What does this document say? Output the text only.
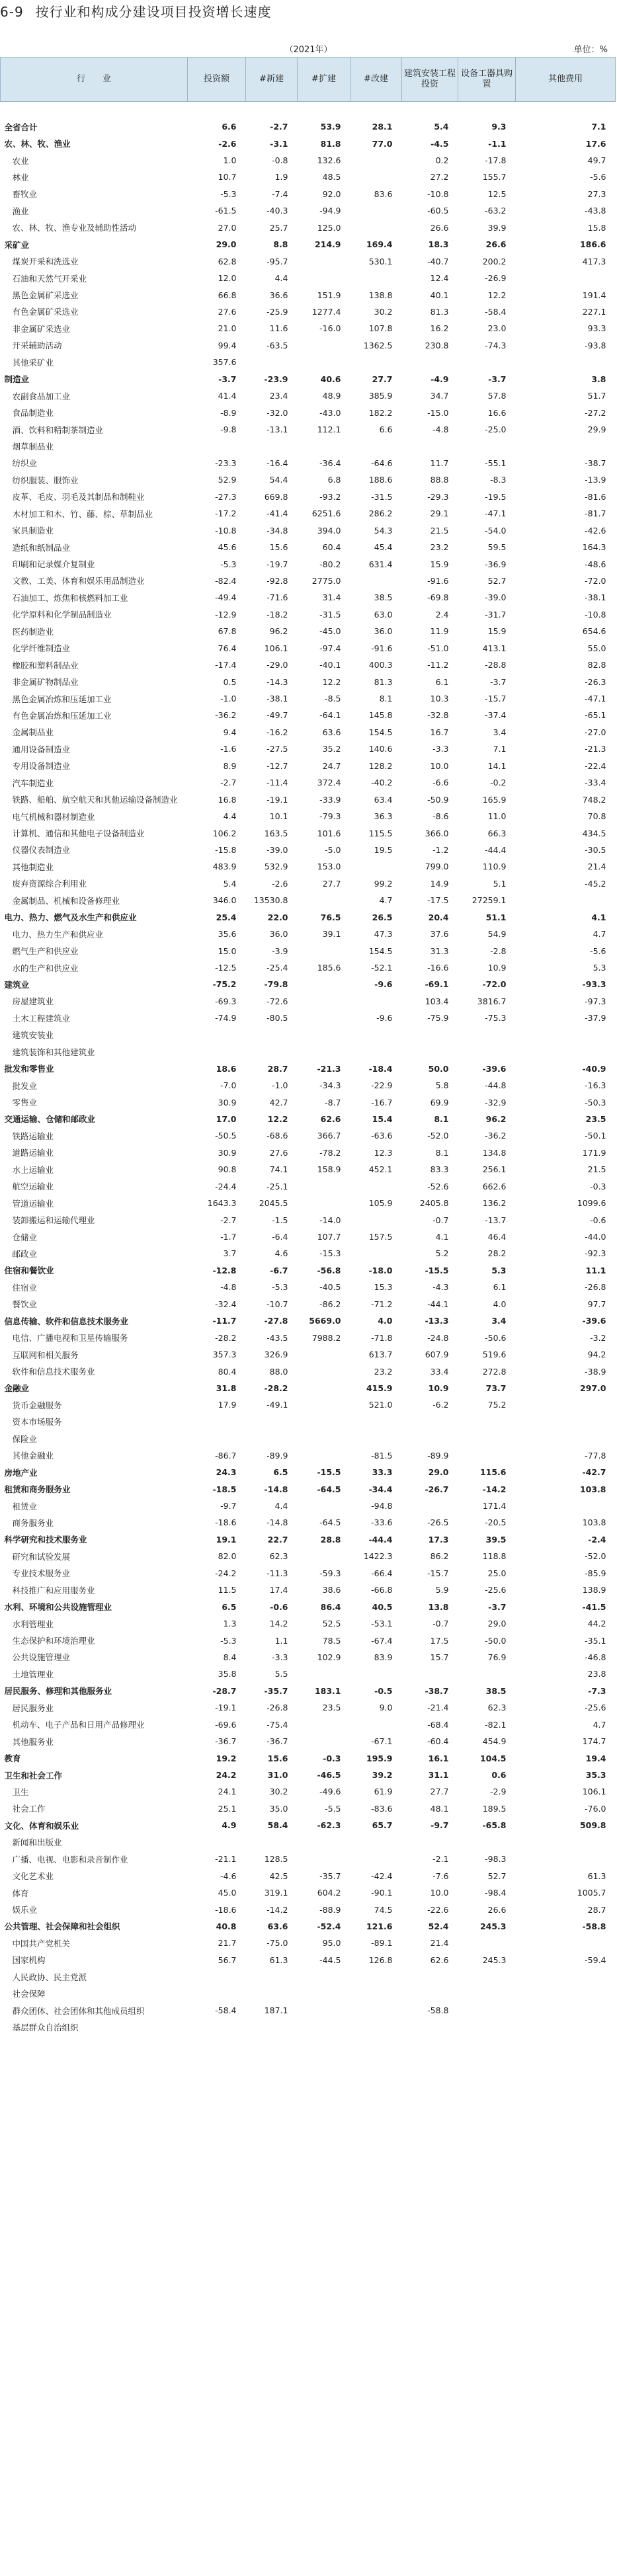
6-9 按行业和构成分建设项目投资增长速度
（2021年）	单位：%
行　　业	投资额	#新建	#扩建	#改建	建筑安装工程投资	设备工器具购置	其他费用

全省合计	6.6	-2.7	53.9	28.1	5.4	9.3	7.1
农、林、牧、渔业	-2.6	-3.1	81.8	77.0	-4.5	-1.1	17.6
农业	1.0	-0.8	132.6		0.2	-17.8	49.7
林业	10.7	1.9	48.5		27.2	155.7	-5.6
畜牧业	-5.3	-7.4	92.0	83.6	-10.8	12.5	27.3
渔业	-61.5	-40.3	-94.9		-60.5	-63.2	-43.8
农、林、牧、渔专业及辅助性活动	27.0	25.7	125.0		26.6	39.9	15.8
采矿业	29.0	8.8	214.9	169.4	18.3	26.6	186.6
煤炭开采和洗选业	62.8	-95.7		530.1	-40.7	200.2	417.3
石油和天然气开采业	12.0	4.4			12.4	-26.9	
黑色金属矿采选业	66.8	36.6	151.9	138.8	40.1	12.2	191.4
有色金属矿采选业	27.6	-25.9	1277.4	30.2	81.3	-58.4	227.1
非金属矿采选业	21.0	11.6	-16.0	107.8	16.2	23.0	93.3
开采辅助活动	99.4	-63.5		1362.5	230.8	-74.3	-93.8
其他采矿业	357.6						
制造业	-3.7	-23.9	40.6	27.7	-4.9	-3.7	3.8
农副食品加工业	41.4	23.4	48.9	385.9	34.7	57.8	51.7
食品制造业	-8.9	-32.0	-43.0	182.2	-15.0	16.6	-27.2
酒、饮料和精制茶制造业	-9.8	-13.1	112.1	6.6	-4.8	-25.0	29.9
烟草制品业							
纺织业	-23.3	-16.4	-36.4	-64.6	11.7	-55.1	-38.7
纺织服装、服饰业	52.9	54.4	6.8	188.6	88.8	-8.3	-13.9
皮革、毛皮、羽毛及其制品和制鞋业	-27.3	669.8	-93.2	-31.5	-29.3	-19.5	-81.6
木材加工和木、竹、藤、棕、草制品业	-17.2	-41.4	6251.6	286.2	29.1	-47.1	-81.7
家具制造业	-10.8	-34.8	394.0	54.3	21.5	-54.0	-42.6
造纸和纸制品业	45.6	15.6	60.4	45.4	23.2	59.5	164.3
印刷和记录媒介复制业	-5.3	-19.7	-80.2	631.4	15.9	-36.9	-48.6
文教、工美、体育和娱乐用品制造业	-82.4	-92.8	2775.0		-91.6	52.7	-72.0
石油加工、炼焦和核燃料加工业	-49.4	-71.6	31.4	38.5	-69.8	-39.0	-38.1
化学原料和化学制品制造业	-12.9	-18.2	-31.5	63.0	2.4	-31.7	-10.8
医药制造业	67.8	96.2	-45.0	36.0	11.9	15.9	654.6
化学纤维制造业	76.4	106.1	-97.4	-91.6	-51.0	413.1	55.0
橡胶和塑料制品业	-17.4	-29.0	-40.1	400.3	-11.2	-28.8	82.8
非金属矿物制品业	0.5	-14.3	12.2	81.3	6.1	-3.7	-26.3
黑色金属冶炼和压延加工业	-1.0	-38.1	-8.5	8.1	10.3	-15.7	-47.1
有色金属冶炼和压延加工业	-36.2	-49.7	-64.1	145.8	-32.8	-37.4	-65.1
金属制品业	9.4	-16.2	63.6	154.5	16.7	3.4	-27.0
通用设备制造业	-1.6	-27.5	35.2	140.6	-3.3	7.1	-21.3
专用设备制造业	8.9	-12.7	24.7	128.2	10.0	14.1	-22.4
汽车制造业	-2.7	-11.4	372.4	-40.2	-6.6	-0.2	-33.4
铁路、船舶、航空航天和其他运输设备制造业	16.8	-19.1	-33.9	63.4	-50.9	165.9	748.2
电气机械和器材制造业	4.4	10.1	-79.3	36.3	-8.6	11.0	70.8
计算机、通信和其他电子设备制造业	106.2	163.5	101.6	115.5	366.0	66.3	434.5
仪器仪表制造业	-15.8	-39.0	-5.0	19.5	-1.2	-44.4	-30.5
其他制造业	483.9	532.9	153.0		799.0	110.9	21.4
废弃资源综合利用业	5.4	-2.6	27.7	99.2	14.9	5.1	-45.2
金属制品、机械和设备修理业	346.0	13530.8		4.7	-17.5	27259.1	
电力、热力、燃气及水生产和供应业	25.4	22.0	76.5	26.5	20.4	51.1	4.1
电力、热力生产和供应业	35.6	36.0	39.1	47.3	37.6	54.9	4.7
燃气生产和供应业	15.0	-3.9		154.5	31.3	-2.8	-5.6
水的生产和供应业	-12.5	-25.4	185.6	-52.1	-16.6	10.9	5.3
建筑业	-75.2	-79.8		-9.6	-69.1	-72.0	-93.3
房屋建筑业	-69.3	-72.6			103.4	3816.7	-97.3
土木工程建筑业	-74.9	-80.5		-9.6	-75.9	-75.3	-37.9
建筑安装业							
建筑装饰和其他建筑业							
批发和零售业	18.6	28.7	-21.3	-18.4	50.0	-39.6	-40.9
批发业	-7.0	-1.0	-34.3	-22.9	5.8	-44.8	-16.3
零售业	30.9	42.7	-8.7	-16.7	69.9	-32.9	-50.3
交通运输、仓储和邮政业	17.0	12.2	62.6	15.4	8.1	96.2	23.5
铁路运输业	-50.5	-68.6	366.7	-63.6	-52.0	-36.2	-50.1
道路运输业	30.9	27.6	-78.2	12.3	8.1	134.8	171.9
水上运输业	90.8	74.1	158.9	452.1	83.3	256.1	21.5
航空运输业	-24.4	-25.1			-52.6	662.6	-0.3
管道运输业	1643.3	2045.5		105.9	2405.8	136.2	1099.6
装卸搬运和运输代理业	-2.7	-1.5	-14.0		-0.7	-13.7	-0.6
仓储业	-1.7	-6.4	107.7	157.5	4.1	46.4	-44.0
邮政业	3.7	4.6	-15.3		5.2	28.2	-92.3
住宿和餐饮业	-12.8	-6.7	-56.8	-18.0	-15.5	5.3	11.1
住宿业	-4.8	-5.3	-40.5	15.3	-4.3	6.1	-26.8
餐饮业	-32.4	-10.7	-86.2	-71.2	-44.1	4.0	97.7
信息传输、软件和信息技术服务业	-11.7	-27.8	5669.0	4.0	-13.3	3.4	-39.6
电信、广播电视和卫星传输服务	-28.2	-43.5	7988.2	-71.8	-24.8	-50.6	-3.2
互联网和相关服务	357.3	326.9		613.7	607.9	519.6	94.2
软件和信息技术服务业	80.4	88.0		23.2	33.4	272.8	-38.9
金融业	31.8	-28.2		415.9	10.9	73.7	297.0
货币金融服务	17.9	-49.1		521.0	-6.2	75.2	
资本市场服务							
保险业							
其他金融业	-86.7	-89.9		-81.5	-89.9		-77.8
房地产业	24.3	6.5	-15.5	33.3	29.0	115.6	-42.7
租赁和商务服务业	-18.5	-14.8	-64.5	-34.4	-26.7	-14.2	103.8
租赁业	-9.7	4.4		-94.8		171.4	
商务服务业	-18.6	-14.8	-64.5	-33.6	-26.5	-20.5	103.8
科学研究和技术服务业	19.1	22.7	28.8	-44.4	17.3	39.5	-2.4
研究和试验发展	82.0	62.3		1422.3	86.2	118.8	-52.0
专业技术服务业	-24.2	-11.3	-59.3	-66.4	-15.7	25.0	-85.9
科技推广和应用服务业	11.5	17.4	38.6	-66.8	5.9	-25.6	138.9
水利、环境和公共设施管理业	6.5	-0.6	86.4	40.5	13.8	-3.7	-41.5
水利管理业	1.3	14.2	52.5	-53.1	-0.7	29.0	44.2
生态保护和环境治理业	-5.3	1.1	78.5	-67.4	17.5	-50.0	-35.1
公共设施管理业	8.4	-3.3	102.9	83.9	15.7	76.9	-46.8
土地管理业	35.8	5.5					23.8
居民服务、修理和其他服务业	-28.7	-35.7	183.1	-0.5	-38.7	38.5	-7.3
居民服务业	-19.1	-26.8	23.5	9.0	-21.4	62.3	-25.6
机动车、电子产品和日用产品修理业	-69.6	-75.4			-68.4	-82.1	4.7
其他服务业	-36.7	-36.7		-67.1	-60.4	454.9	174.7
教育	19.2	15.6	-0.3	195.9	16.1	104.5	19.4
卫生和社会工作	24.2	31.0	-46.5	39.2	31.1	0.6	35.3
卫生	24.1	30.2	-49.6	61.9	27.7	-2.9	106.1
社会工作	25.1	35.0	-5.5	-83.6	48.1	189.5	-76.0
文化、体育和娱乐业	4.9	58.4	-62.3	65.7	-9.7	-65.8	509.8
新闻和出版业							
广播、电视、电影和录音制作业	-21.1	128.5			-2.1	-98.3	
文化艺术业	-4.6	42.5	-35.7	-42.4	-7.6	52.7	61.3
体育	45.0	319.1	604.2	-90.1	10.0	-98.4	1005.7
娱乐业	-18.6	-14.2	-88.9	74.5	-22.6	26.6	28.7
公共管理、社会保障和社会组织	40.8	63.6	-52.4	121.6	52.4	245.3	-58.8
中国共产党机关	21.7	-75.0	95.0	-89.1	21.4		
国家机构	56.7	61.3	-44.5	126.8	62.6	245.3	-59.4
人民政协、民主党派							
社会保障							
群众团体、社会团体和其他成员组织	-58.4	187.1			-58.8		
基层群众自治组织							
